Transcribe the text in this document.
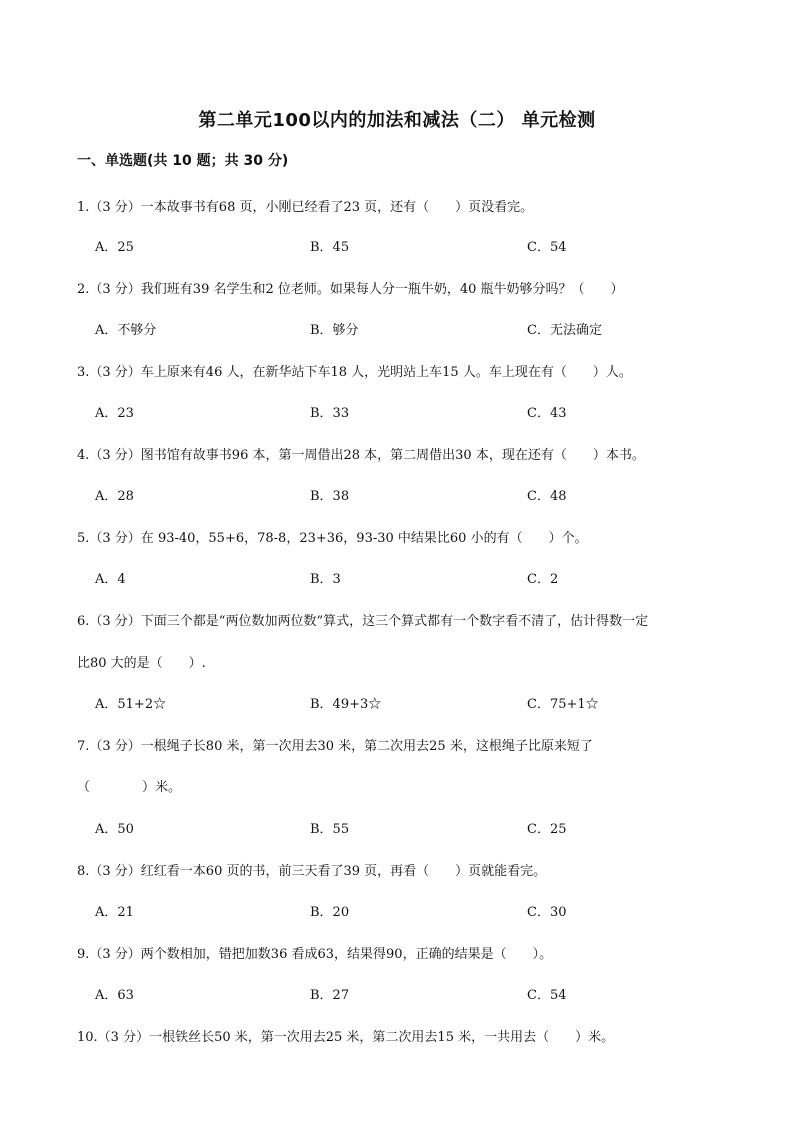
第二单元100以内的加法和减法（二） 单元检测
一、单选题(共 10 题；共 30 分)
1.（3 分）一本故事书有68 页，小刚已经看了23 页，还有（　　）页没看完。
A．25	B．45	C．54
2.（3 分）我们班有39 名学生和2 位老师。如果每人分一瓶牛奶，40 瓶牛奶够分吗？（　　）
A．不够分	B．够分	C．无法确定
3.（3 分）车上原来有46 人，在新华站下车18 人，光明站上车15 人。车上现在有（　　）人。
A．23	B．33	C．43
4.（3 分）图书馆有故事书96 本，第一周借出28 本，第二周借出30 本，现在还有（　　）本书。
A．28	B．38	C．48
5.（3 分）在 93-40，55+6，78-8，23+36，93-30 中结果比60 小的有（　　）个。
A．4	B．3	C．2
6.（3 分）下面三个都是“两位数加两位数”算式，这三个算式都有一个数字看不清了，估计得数一定
比80 大的是（　　）.
A．51+2☆	B．49+3☆	C．75+1☆
7.（3 分）一根绳子长80 米，第一次用去30 米，第二次用去25 米，这根绳子比原来短了
（　　　　）米。
A．50	B．55	C．25
8.（3 分）红红看一本60 页的书，前三天看了39 页，再看（　　）页就能看完。
A．21	B．20	C．30
9.（3 分）两个数相加，错把加数36 看成63，结果得90，正确的结果是（　　）。
A．63	B．27	C．54
10.（3 分）一根铁丝长50 米，第一次用去25 米，第二次用去15 米，一共用去（　　）米。
